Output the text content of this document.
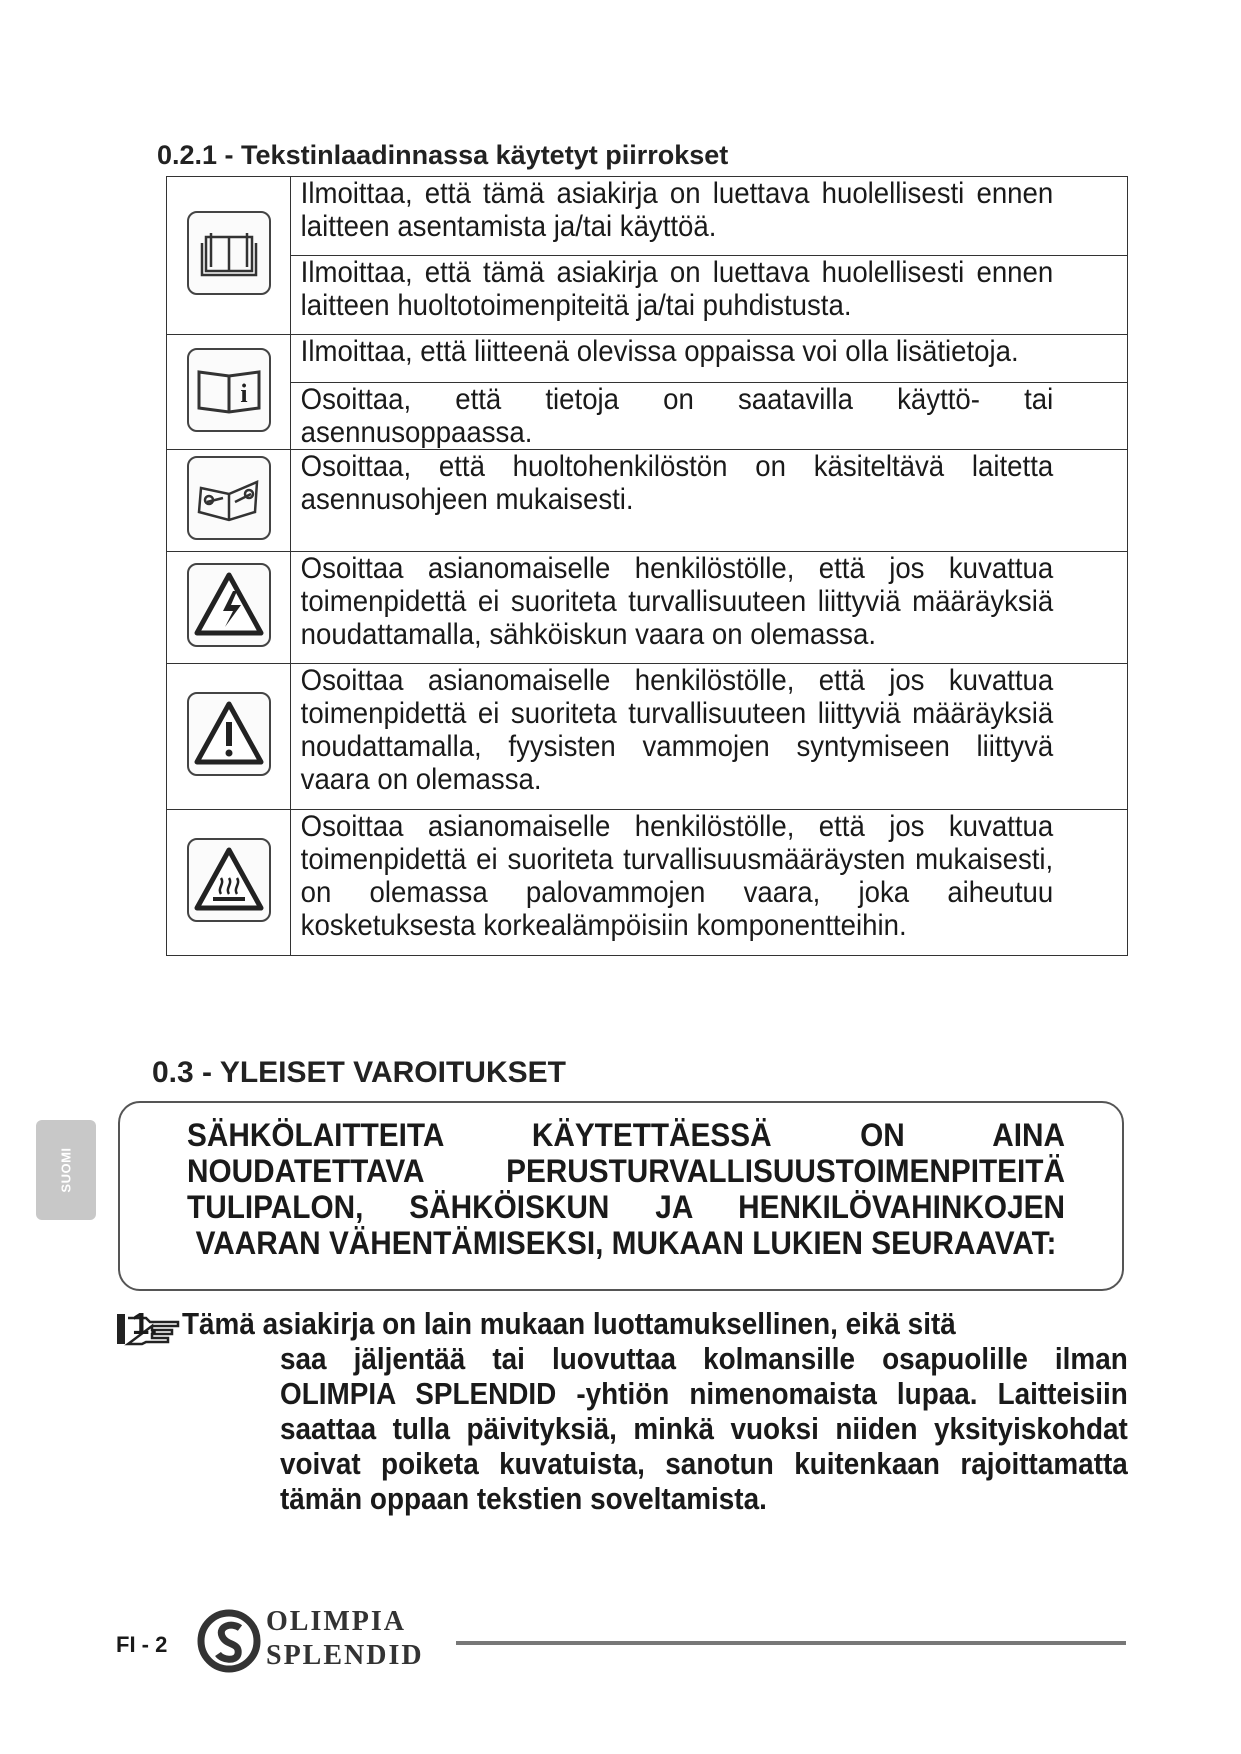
0.2.1 - Tekstinlaadinnassa käytetyt piirrokset
	Ilmoittaa, että tämä asiakirja on luettava huolellisesti ennen laitteen asentamista ja/tai käyttöä.
	Ilmoittaa, että tämä asiakirja on luettava huolellisesti ennen laitteen huoltotoimenpiteitä ja/tai puhdistusta.

i	Ilmoittaa, että liitteenä olevissa oppaissa voi olla lisätietoja.
	Osoittaa, että tietoja on saatavilla käyttö- tai asennusoppaassa.

	Osoittaa, että huoltohenkilöstön on käsiteltävä laitetta asennusohjeen mukaisesti.

	Osoittaa asianomaiselle henkilöstölle, että jos kuvattua toimenpidettä ei suoriteta turvallisuuteen liittyviä määräyksiä noudattamalla, sähköiskun vaara on olemassa.

	Osoittaa asianomaiselle henkilöstölle, että jos kuvattua toimenpidettä ei suoriteta turvallisuuteen liittyviä määräyksiä noudattamalla, fyysisten vammojen syntymiseen liittyvä vaara on olemassa.

	Osoittaa asianomaiselle henkilöstölle, että jos kuvattua toimenpidettä ei suoriteta turvallisuusmääräysten mukaisesti, on olemassa palovammojen vaara, joka aiheutuu kosketuksesta korkealämpöisiin komponentteihin.
SUOMI
0.3 - YLEISET VAROITUKSET

SÄHKÖLAITTEITA KÄYTETTÄESSÄ ON AINA NOUDATETTAVA PERUSTURVALLISUUSTOIMENPITEITÄ TULIPALON, SÄHKÖISKUN JA HENKILÖVAHINKOJEN VAARAN VÄHENTÄMISEKSI, MUKAAN LUKIEN SEURAAVAT:

1. Tämä asiakirja on lain mukaan luottamuksellinen, eikä sitä

saa jäljentää tai luovuttaa kolmansille osapuolille ilman OLIMPIA SPLENDID -yhtiön nimenomaista lupaa. Laitteisiin saattaa tulla päivityksiä, minkä vuoksi niiden yksityiskohdat voivat poiketa kuvatuista, sanotun kuitenkaan rajoittamatta tämän oppaan tekstien soveltamista.

FI - 2
OLIMPIA
SPLENDID
